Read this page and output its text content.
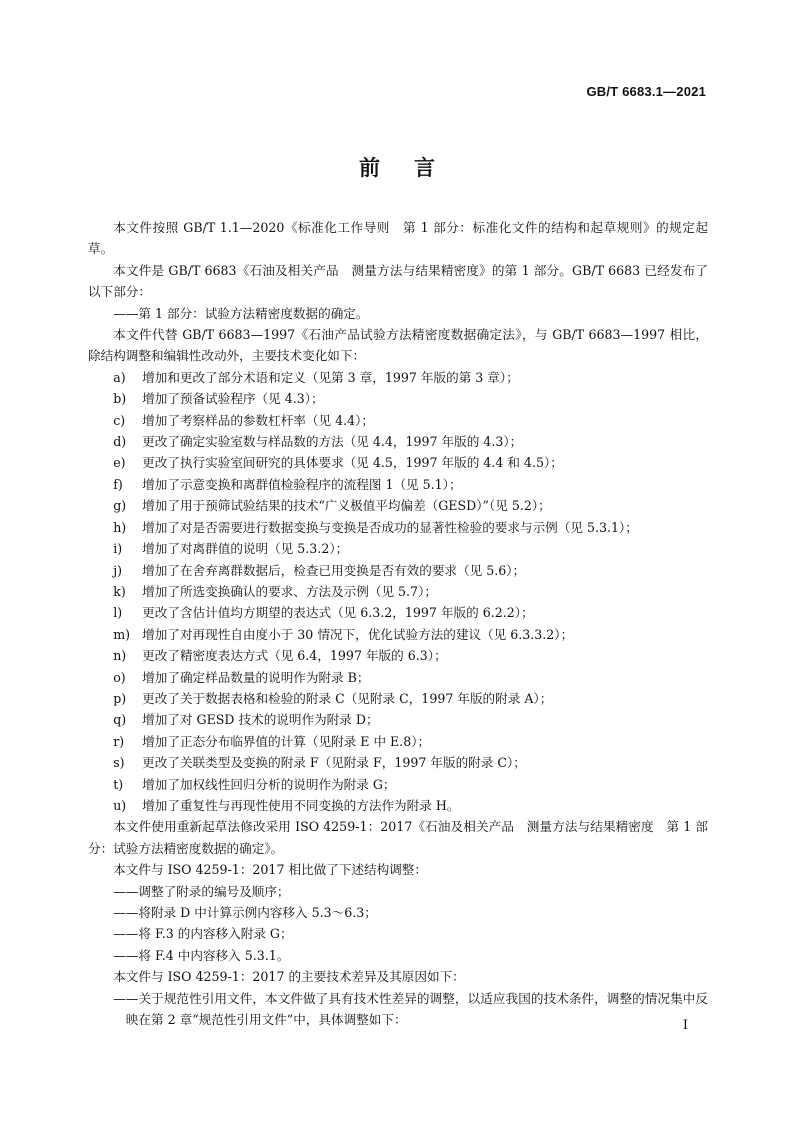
GB/T 6683.1—2021
前言
本文件按照 GB/T 1.1—2020《标准化工作导则　第 1 部分：标准化文件的结构和起草规则》的规定起草。
本文件是 GB/T 6683《石油及相关产品　测量方法与结果精密度》的第 1 部分。GB/T 6683 已经发布了以下部分：
——第 1 部分：试验方法精密度数据的确定。
本文件代替 GB/T 6683—1997《石油产品试验方法精密度数据确定法》，与 GB/T 6683—1997 相比，除结构调整和编辑性改动外，主要技术变化如下：
a)	增加和更改了部分术语和定义（见第 3 章，1997 年版的第 3 章）；
b)	增加了预备试验程序（见 4.3）；
c)	增加了考察样品的参数杠杆率（见 4.4）；
d)	更改了确定实验室数与样品数的方法（见 4.4，1997 年版的 4.3）；
e)	更改了执行实验室间研究的具体要求（见 4.5，1997 年版的 4.4 和 4.5）；
f)	增加了示意变换和离群值检验程序的流程图 1（见 5.1）；
g)	增加了用于预筛试验结果的技术“广义极值平均偏差（GESD）”（见 5.2）；
h)	增加了对是否需要进行数据变换与变换是否成功的显著性检验的要求与示例（见 5.3.1）；
i)	增加了对离群值的说明（见 5.3.2）；
j)	增加了在舍弃离群数据后，检查已用变换是否有效的要求（见 5.6）；
k)	增加了所选变换确认的要求、方法及示例（见 5.7）；
l)	更改了含估计值均方期望的表达式（见 6.3.2，1997 年版的 6.2.2）；
m) 增加了对再现性自由度小于 30 情况下，优化试验方法的建议（见 6.3.3.2）；
n)	更改了精密度表达方式（见 6.4，1997 年版的 6.3）；
o)	增加了确定样品数量的说明作为附录 B；
p)	更改了关于数据表格和检验的附录 C（见附录 C，1997 年版的附录 A）；
q)	增加了对 GESD 技术的说明作为附录 D；
r)	增加了正态分布临界值的计算（见附录 E 中 E.8）；
s)	更改了关联类型及变换的附录 F（见附录 F，1997 年版的附录 C）；
t)	增加了加权线性回归分析的说明作为附录 G；
u)	增加了重复性与再现性使用不同变换的方法作为附录 H。
本文件使用重新起草法修改采用 ISO 4259-1：2017《石油及相关产品　测量方法与结果精密度　第 1 部分：试验方法精密度数据的确定》。
本文件与 ISO 4259-1：2017 相比做了下述结构调整：
——调整了附录的编号及顺序；
——将附录 D 中计算示例内容移入 5.3～6.3；
——将 F.3 的内容移入附录 G；
——将 F.4 中内容移入 5.3.1。
本文件与 ISO 4259-1：2017 的主要技术差异及其原因如下：
——关于规范性引用文件，本文件做了具有技术性差异的调整，以适应我国的技术条件，调整的情况集中反映在第 2 章“规范性引用文件”中，具体调整如下：	I
